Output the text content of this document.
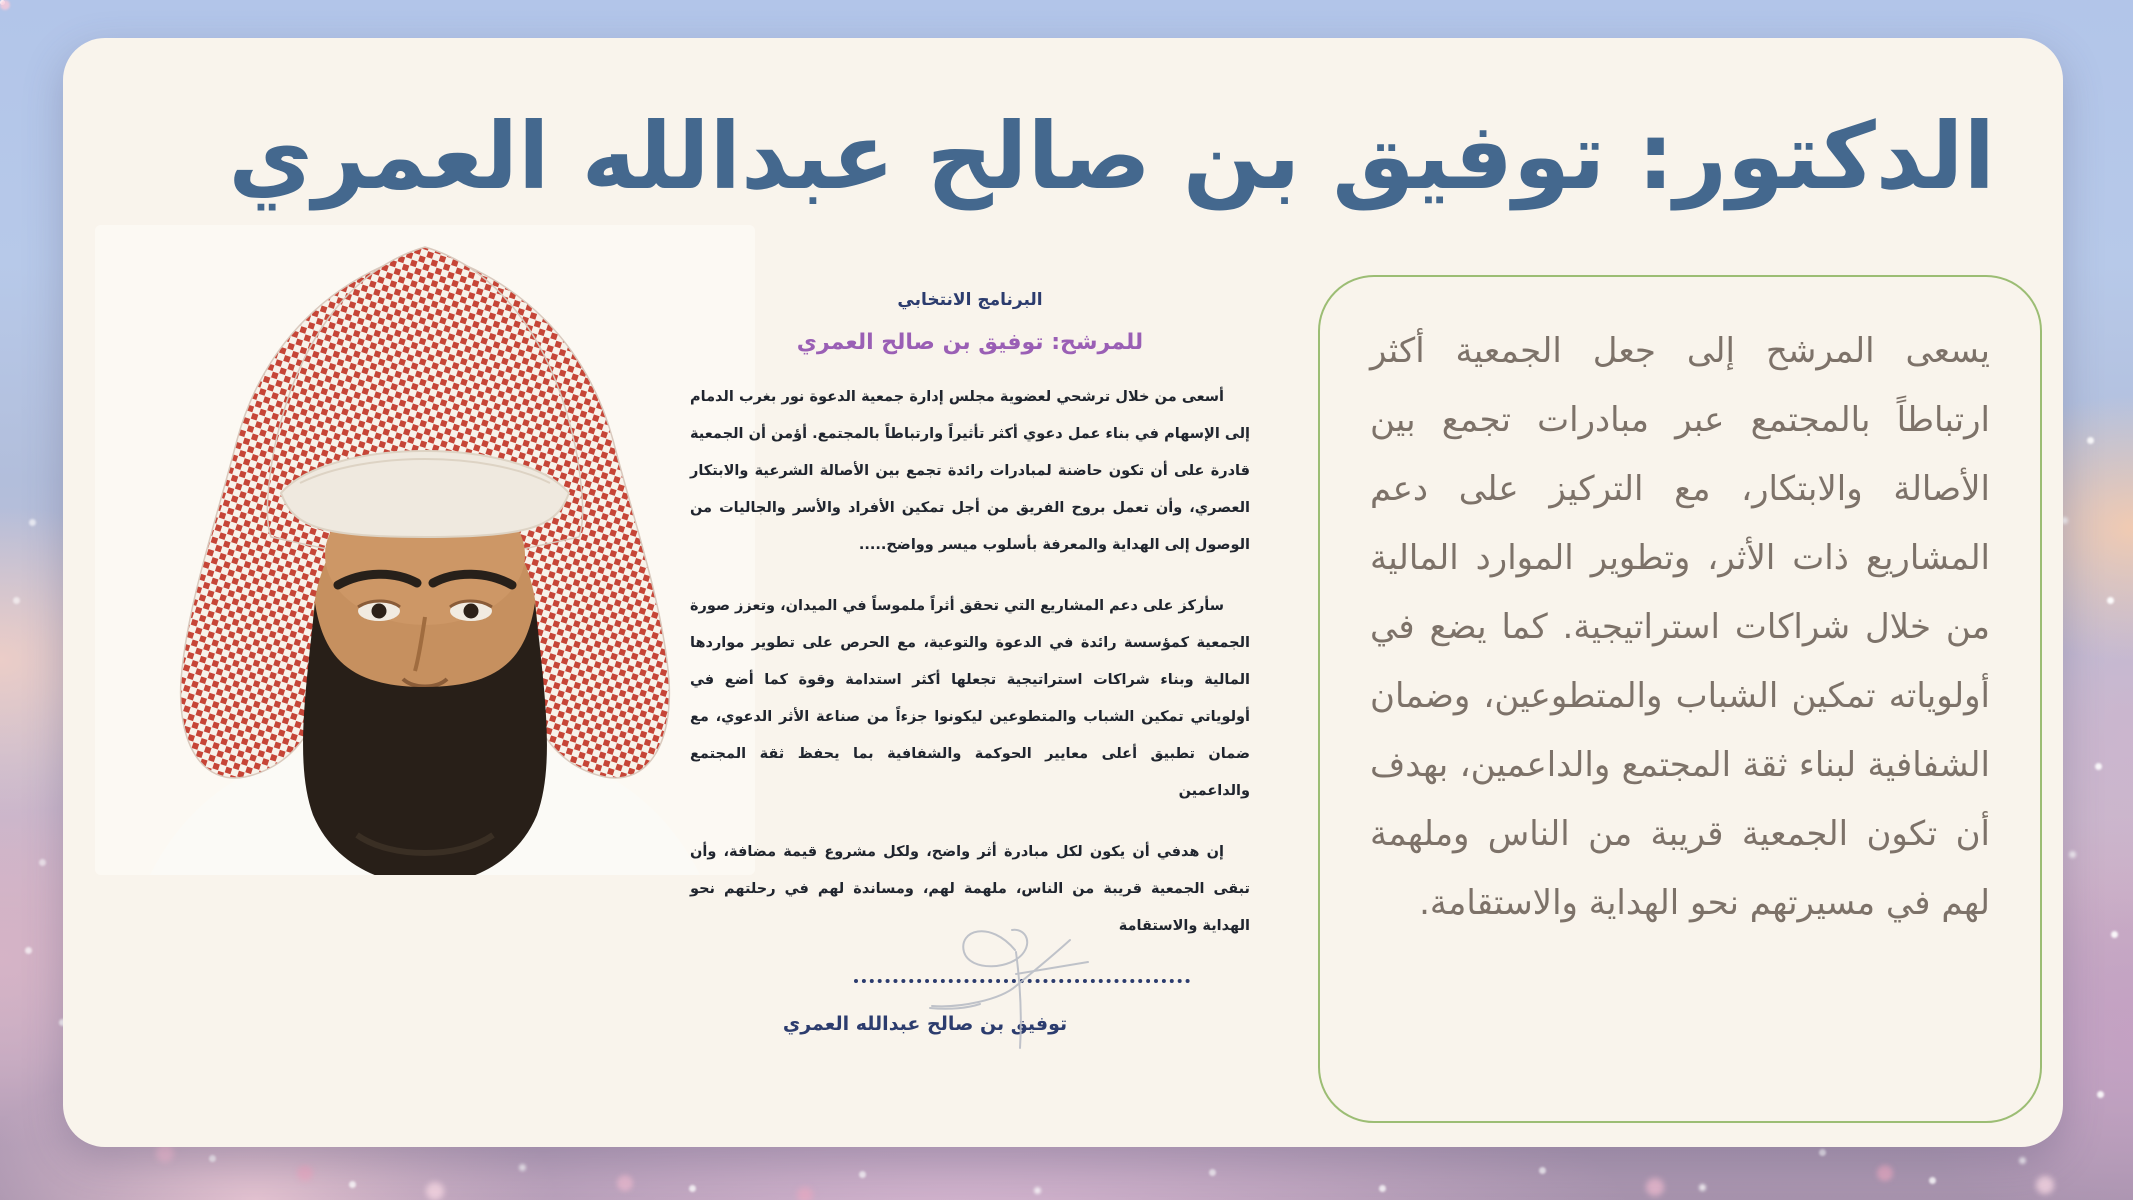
الدكتور: توفيق بن صالح عبدالله العمري
البرنامج الانتخابي
للمرشح: توفيق بن صالح العمري

أسعى من خلال ترشحي لعضوية مجلس إدارة جمعية الدعوة نور بغرب الدمام إلى الإسهام في بناء عمل دعوي أكثر تأثيراً وارتباطاً بالمجتمع. أؤمن أن الجمعية قادرة على أن تكون حاضنة لمبادرات رائدة تجمع بين الأصالة الشرعية والابتكار العصري، وأن تعمل بروح الفريق من أجل تمكين الأفراد والأسر والجاليات من الوصول إلى الهداية والمعرفة بأسلوب ميسر وواضح.....

سأركز على دعم المشاريع التي تحقق أثراً ملموساً في الميدان، وتعزز صورة الجمعية كمؤسسة رائدة في الدعوة والتوعية، مع الحرص على تطوير مواردها المالية وبناء شراكات استراتيجية تجعلها أكثر استدامة وقوة كما أضع في أولوياتي تمكين الشباب والمتطوعين ليكونوا جزءاً من صناعة الأثر الدعوي، مع ضمان تطبيق أعلى معايير الحوكمة والشفافية بما يحفظ ثقة المجتمع والداعمين

إن هدفي أن يكون لكل مبادرة أثر واضح، ولكل مشروع قيمة مضافة، وأن تبقى الجمعية قريبة من الناس، ملهمة لهم، ومساندة لهم في رحلتهم نحو الهداية والاستقامة

توفيق بن صالح عبدالله العمري

يسعى المرشح إلى جعل الجمعية أكثر ارتباطاً بالمجتمع عبر مبادرات تجمع بين الأصالة والابتكار، مع التركيز على دعم المشاريع ذات الأثر، وتطوير الموارد المالية من خلال شراكات استراتيجية. كما يضع في أولوياته تمكين الشباب والمتطوعين، وضمان الشفافية لبناء ثقة المجتمع والداعمين، بهدف أن تكون الجمعية قريبة من الناس وملهمة لهم في مسيرتهم نحو الهداية والاستقامة.
